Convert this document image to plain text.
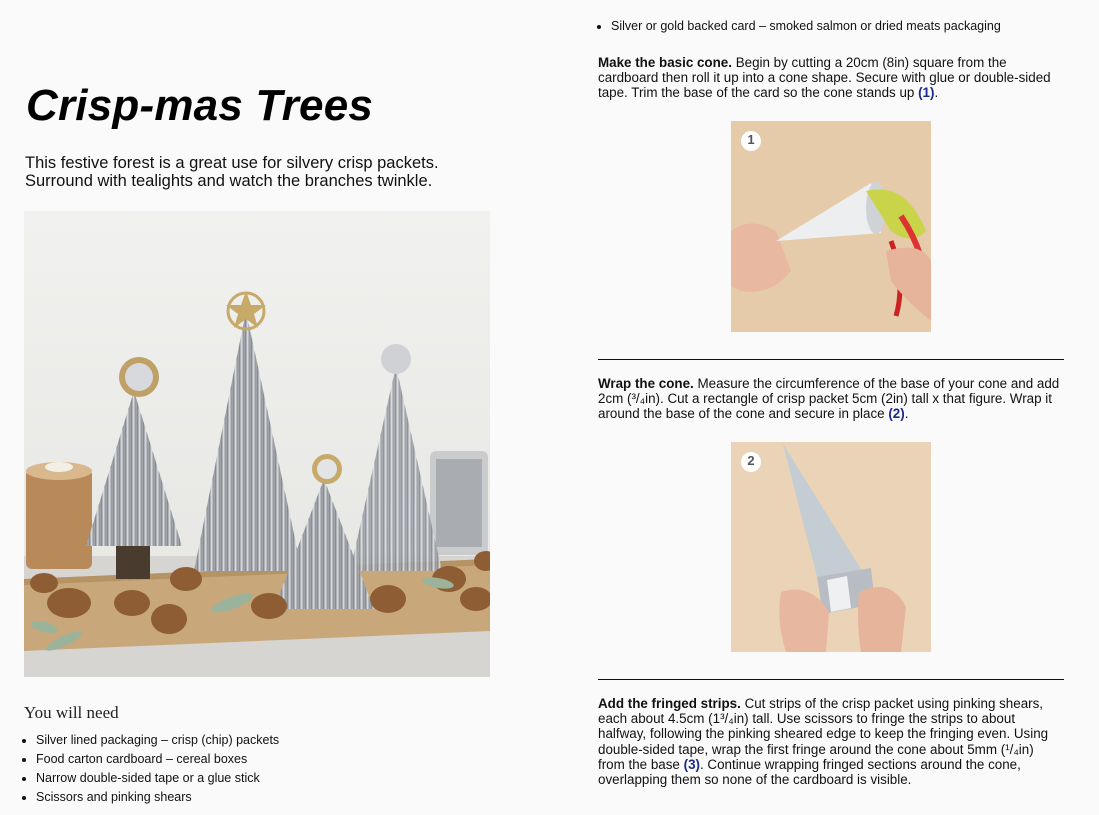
Crisp-mas Trees
This festive forest is a great use for silvery crisp packets.
Surround with tealights and watch the branches twinkle.
You will need
• Silver lined packaging – crisp (chip) packets
• Food carton cardboard – cereal boxes
• Narrow double-sided tape or a glue stick
• Scissors and pinking shears
• Silver or gold backed card – smoked salmon or dried meats packaging
Make the basic cone. Begin by cutting a 20cm (8in) square from the cardboard then roll it up into a cone shape. Secure with glue or double-sided tape. Trim the base of the card so the cone stands up (1).
1
Wrap the cone. Measure the circumference of the base of your cone and add 2cm (³/₄in). Cut a rectangle of crisp packet 5cm (2in) tall x that figure. Wrap it around the base of the cone and secure in place (2).
2
Add the fringed strips. Cut strips of the crisp packet using pinking shears, each about 4.5cm (1³/₄in) tall. Use scissors to fringe the strips to about halfway, following the pinking sheared edge to keep the fringing even. Using double-sided tape, wrap the first fringe around the cone about 5mm (¹/₄in) from the base (3). Continue wrapping fringed sections around the cone, overlapping them so none of the cardboard is visible.
